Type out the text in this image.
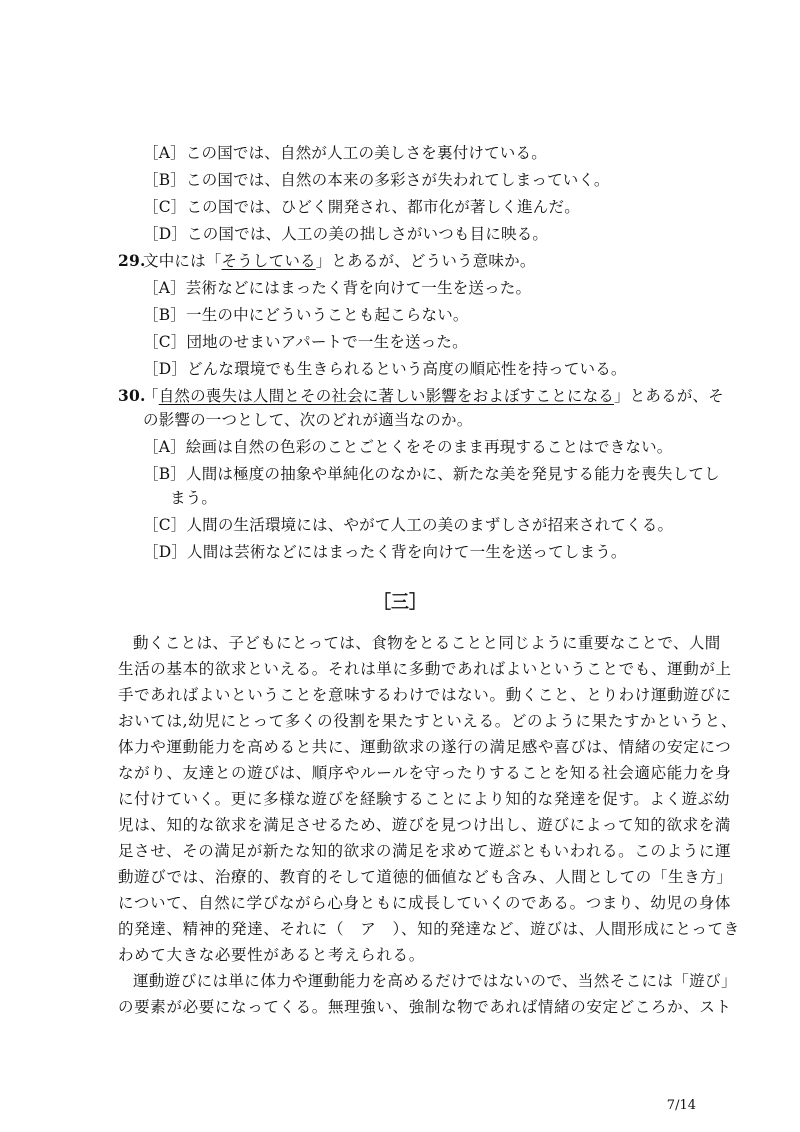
［A］この国では、自然が人工の美しさを裏付けている。
［B］この国では、自然の本来の多彩さが失われてしまっていく。
［C］この国では、ひどく開発され、都市化が著しく進んだ。
［D］この国では、人工の美の拙しさがいつも目に映る。
29.
文中には「そうしている」とあるが、どういう意味か。
［A］芸術などにはまったく背を向けて一生を送った。
［B］一生の中にどういうことも起こらない。
［C］団地のせまいアパートで一生を送った。
［D］どんな環境でも生きられるという高度の順応性を持っている。
30.
「自然の喪失は人間とその社会に著しい影響をおよぼすことになる」とあるが、そ
の影響の一つとして、次のどれが適当なのか。
［A］絵画は自然の色彩のことごとくをそのまま再現することはできない。
［B］人間は極度の抽象や単純化のなかに、新たな美を発見する能力を喪失してし
まう。
［C］人間の生活環境には、やがて人工の美のまずしさが招来されてくる。
［D］人間は芸術などにはまったく背を向けて一生を送ってしまう。
［三］
動くことは、子どもにとっては、食物をとることと同じように重要なことで、人間
生活の基本的欲求といえる。それは単に多動であればよいということでも、運動が上
手であればよいということを意味するわけではない。動くこと、とりわけ運動遊びに
おいては,幼児にとって多くの役割を果たすといえる。どのように果たすかというと、
体力や運動能力を高めると共に、運動欲求の遂行の満足感や喜びは、情緒の安定につ
ながり、友達との遊びは、順序やルールを守ったりすることを知る社会適応能力を身
に付けていく。更に多様な遊びを経験することにより知的な発達を促す。よく遊ぶ幼
児は、知的な欲求を満足させるため、遊びを見つけ出し、遊びによって知的欲求を満
足させ、その満足が新たな知的欲求の満足を求めて遊ぶともいわれる。このように運
動遊びでは、治療的、教育的そして道徳的価値なども含み、人間としての「生き方」
について、自然に学びながら心身ともに成長していくのである。つまり、幼児の身体
的発達、精神的発達、それに（　ア　）、知的発達など、遊びは、人間形成にとってき
わめて大きな必要性があると考えられる。
運動遊びには単に体力や運動能力を高めるだけではないので、当然そこには「遊び」
の要素が必要になってくる。無理強い、強制な物であれば情緒の安定どころか、スト
7/14
